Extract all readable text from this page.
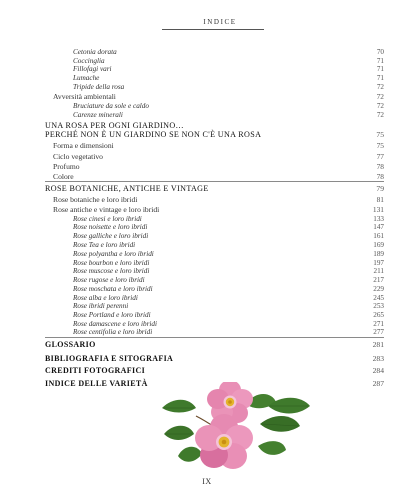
INDICE
Cetonia dorata	70
Coccinglia	71
Fillofagi vari	71
Lumache	71
Tripide della rosa	72
Avversità ambientali	72
Bruciature da sole e caldo	72
Carenze minerali	72
UNA ROSA PER OGNI GIARDINO…
PERCHÉ NON È UN GIARDINO SE NON C'È UNA ROSA	75
Forma e dimensioni	75
Ciclo vegetativo	77
Profumo	78
Colore	78
ROSE BOTANICHE, ANTICHE E VINTAGE	79
Rose botaniche e loro ibridi	81
Rose antiche e vintage e loro ibridi	131
Rose cinesi e loro ibridi	133
Rose noisette e loro ibridi	147
Rose galliche e loro ibridi	161
Rose Tea e loro ibridi	169
Rose polyantha e loro ibridi	189
Rose bourbon e loro ibridi	197
Rose muscose e loro ibridi	211
Rose rugose e loro ibridi	217
Rose moschata e loro ibridi	229
Rose alba e loro ibridi	245
Rose ibridi perenni	253
Rose Portland e loro ibridi	265
Rose damascene e loro ibridi	271
Rose centifolia e loro ibridi	277
GLOSSARIO	281
BIBLIOGRAFIA E SITOGRAFIA	283
CREDITI FOTOGRAFICI	284
INDICE DELLE VARIETÀ	287
IX
